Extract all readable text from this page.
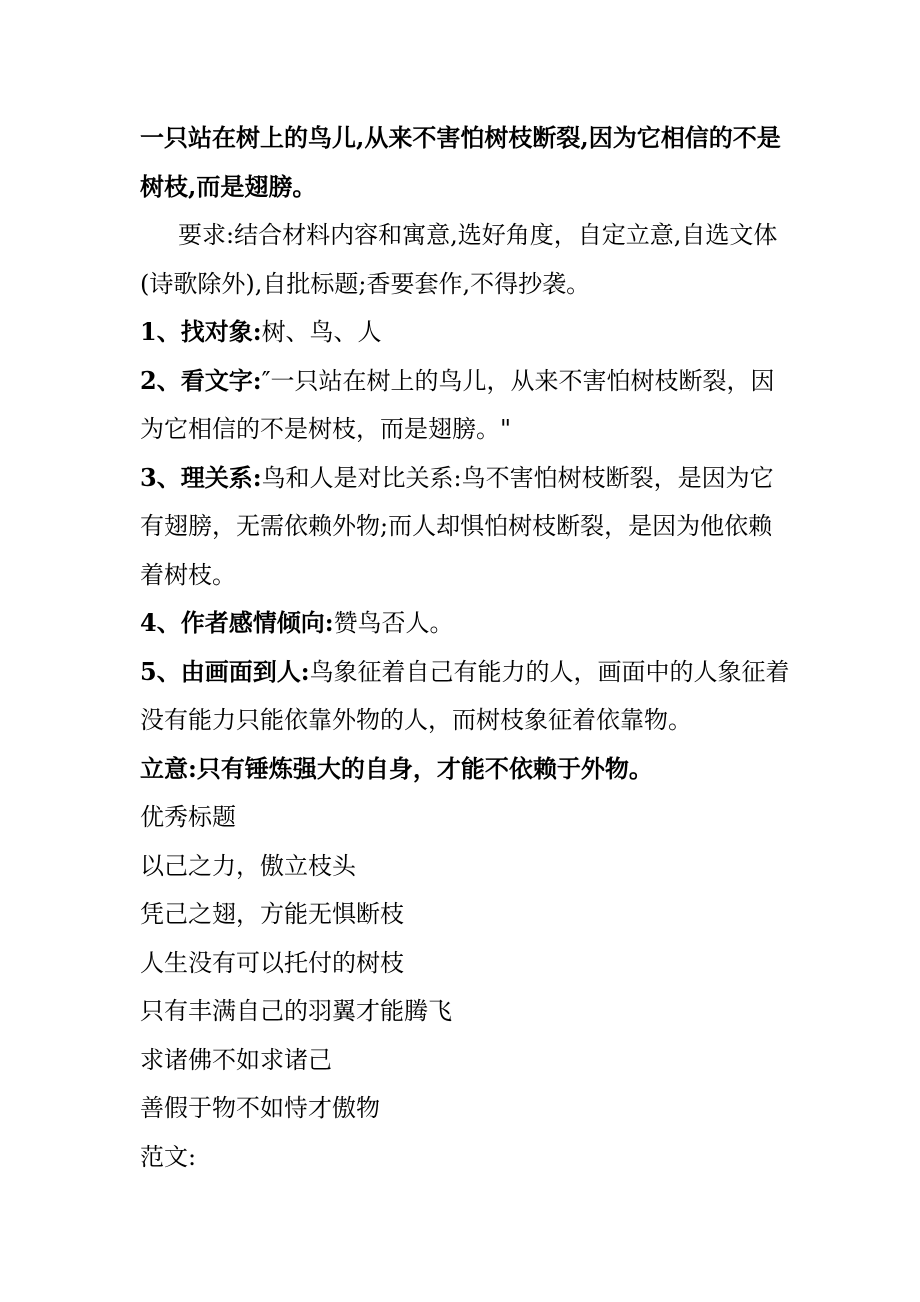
一只站在树上的鸟儿,从来不害怕树枝断裂,因为它相信的不是树枝,而是翅膀。

要求:结合材料内容和寓意,选好角度，自定立意,自选文体(诗歌除外),自批标题;香要套作,不得抄袭。

1、找对象:树、鸟、人

2、看文字:″一只站在树上的鸟儿，从来不害怕树枝断裂，因为它相信的不是树枝，而是翅膀。"

3、理关系:鸟和人是对比关系:鸟不害怕树枝断裂，是因为它有翅膀，无需依赖外物;而人却惧怕树枝断裂，是因为他依赖着树枝。

4、作者感情倾向:赞鸟否人。

5、由画面到人:鸟象征着自己有能力的人，画面中的人象征着没有能力只能依靠外物的人，而树枝象征着依靠物。

立意:只有锤炼强大的自身，才能不依赖于外物。

优秀标题

以己之力，傲立枝头

凭己之翅，方能无惧断枝

人生没有可以托付的树枝

只有丰满自己的羽翼才能腾飞

求诸佛不如求诸己

善假于物不如恃才傲物

范文:
